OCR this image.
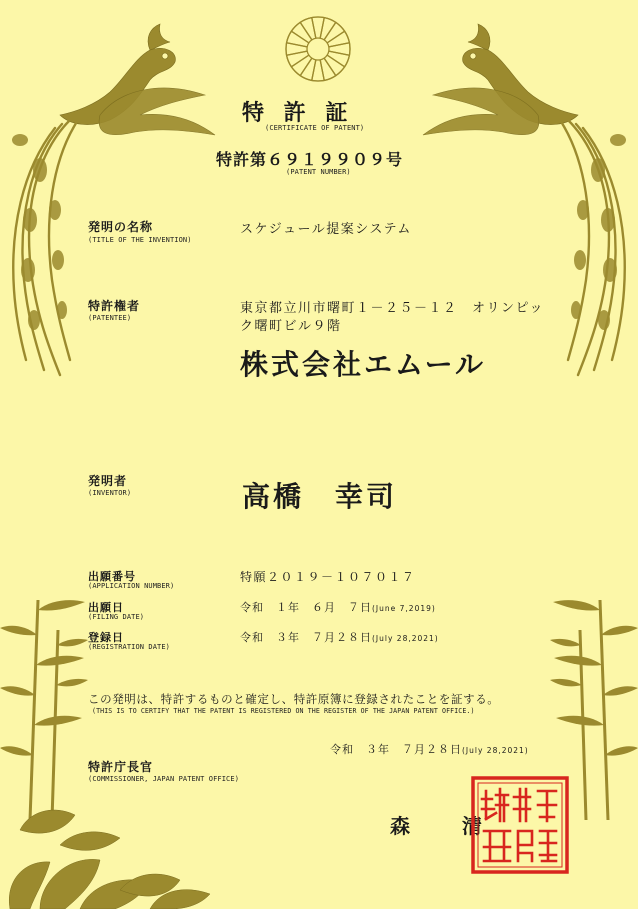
特 許 証
(CERTIFICATE OF PATENT)
特許第６９１９９０９号
(PATENT NUMBER)
発明の名称
(TITLE OF THE INVENTION)
スケジュール提案システム
特許権者
(PATENTEE)
東京都立川市曙町１－２５－１２　オリンピッ
ク曙町ビル９階
株式会社エムール
発明者
(INVENTOR)	高橋　幸司
出願番号
(APPLICATION NUMBER)
特願２０１９－１０７０１７
出願日
(FILING DATE)
令和　１年　６月　７日(June 7,2019)
登録日
(REGISTRATION DATE)
令和　３年　７月２８日(July 28,2021)
この発明は、特許するものと確定し、特許原簿に登録されたことを証する。
(THIS IS TO CERTIFY THAT THE PATENT IS REGISTERED ON THE REGISTER OF THE JAPAN PATENT OFFICE.)
令和　３年　７月２８日(July 28,2021)
特許庁長官
(COMMISSIONER, JAPAN PATENT OFFICE)
森　　清
